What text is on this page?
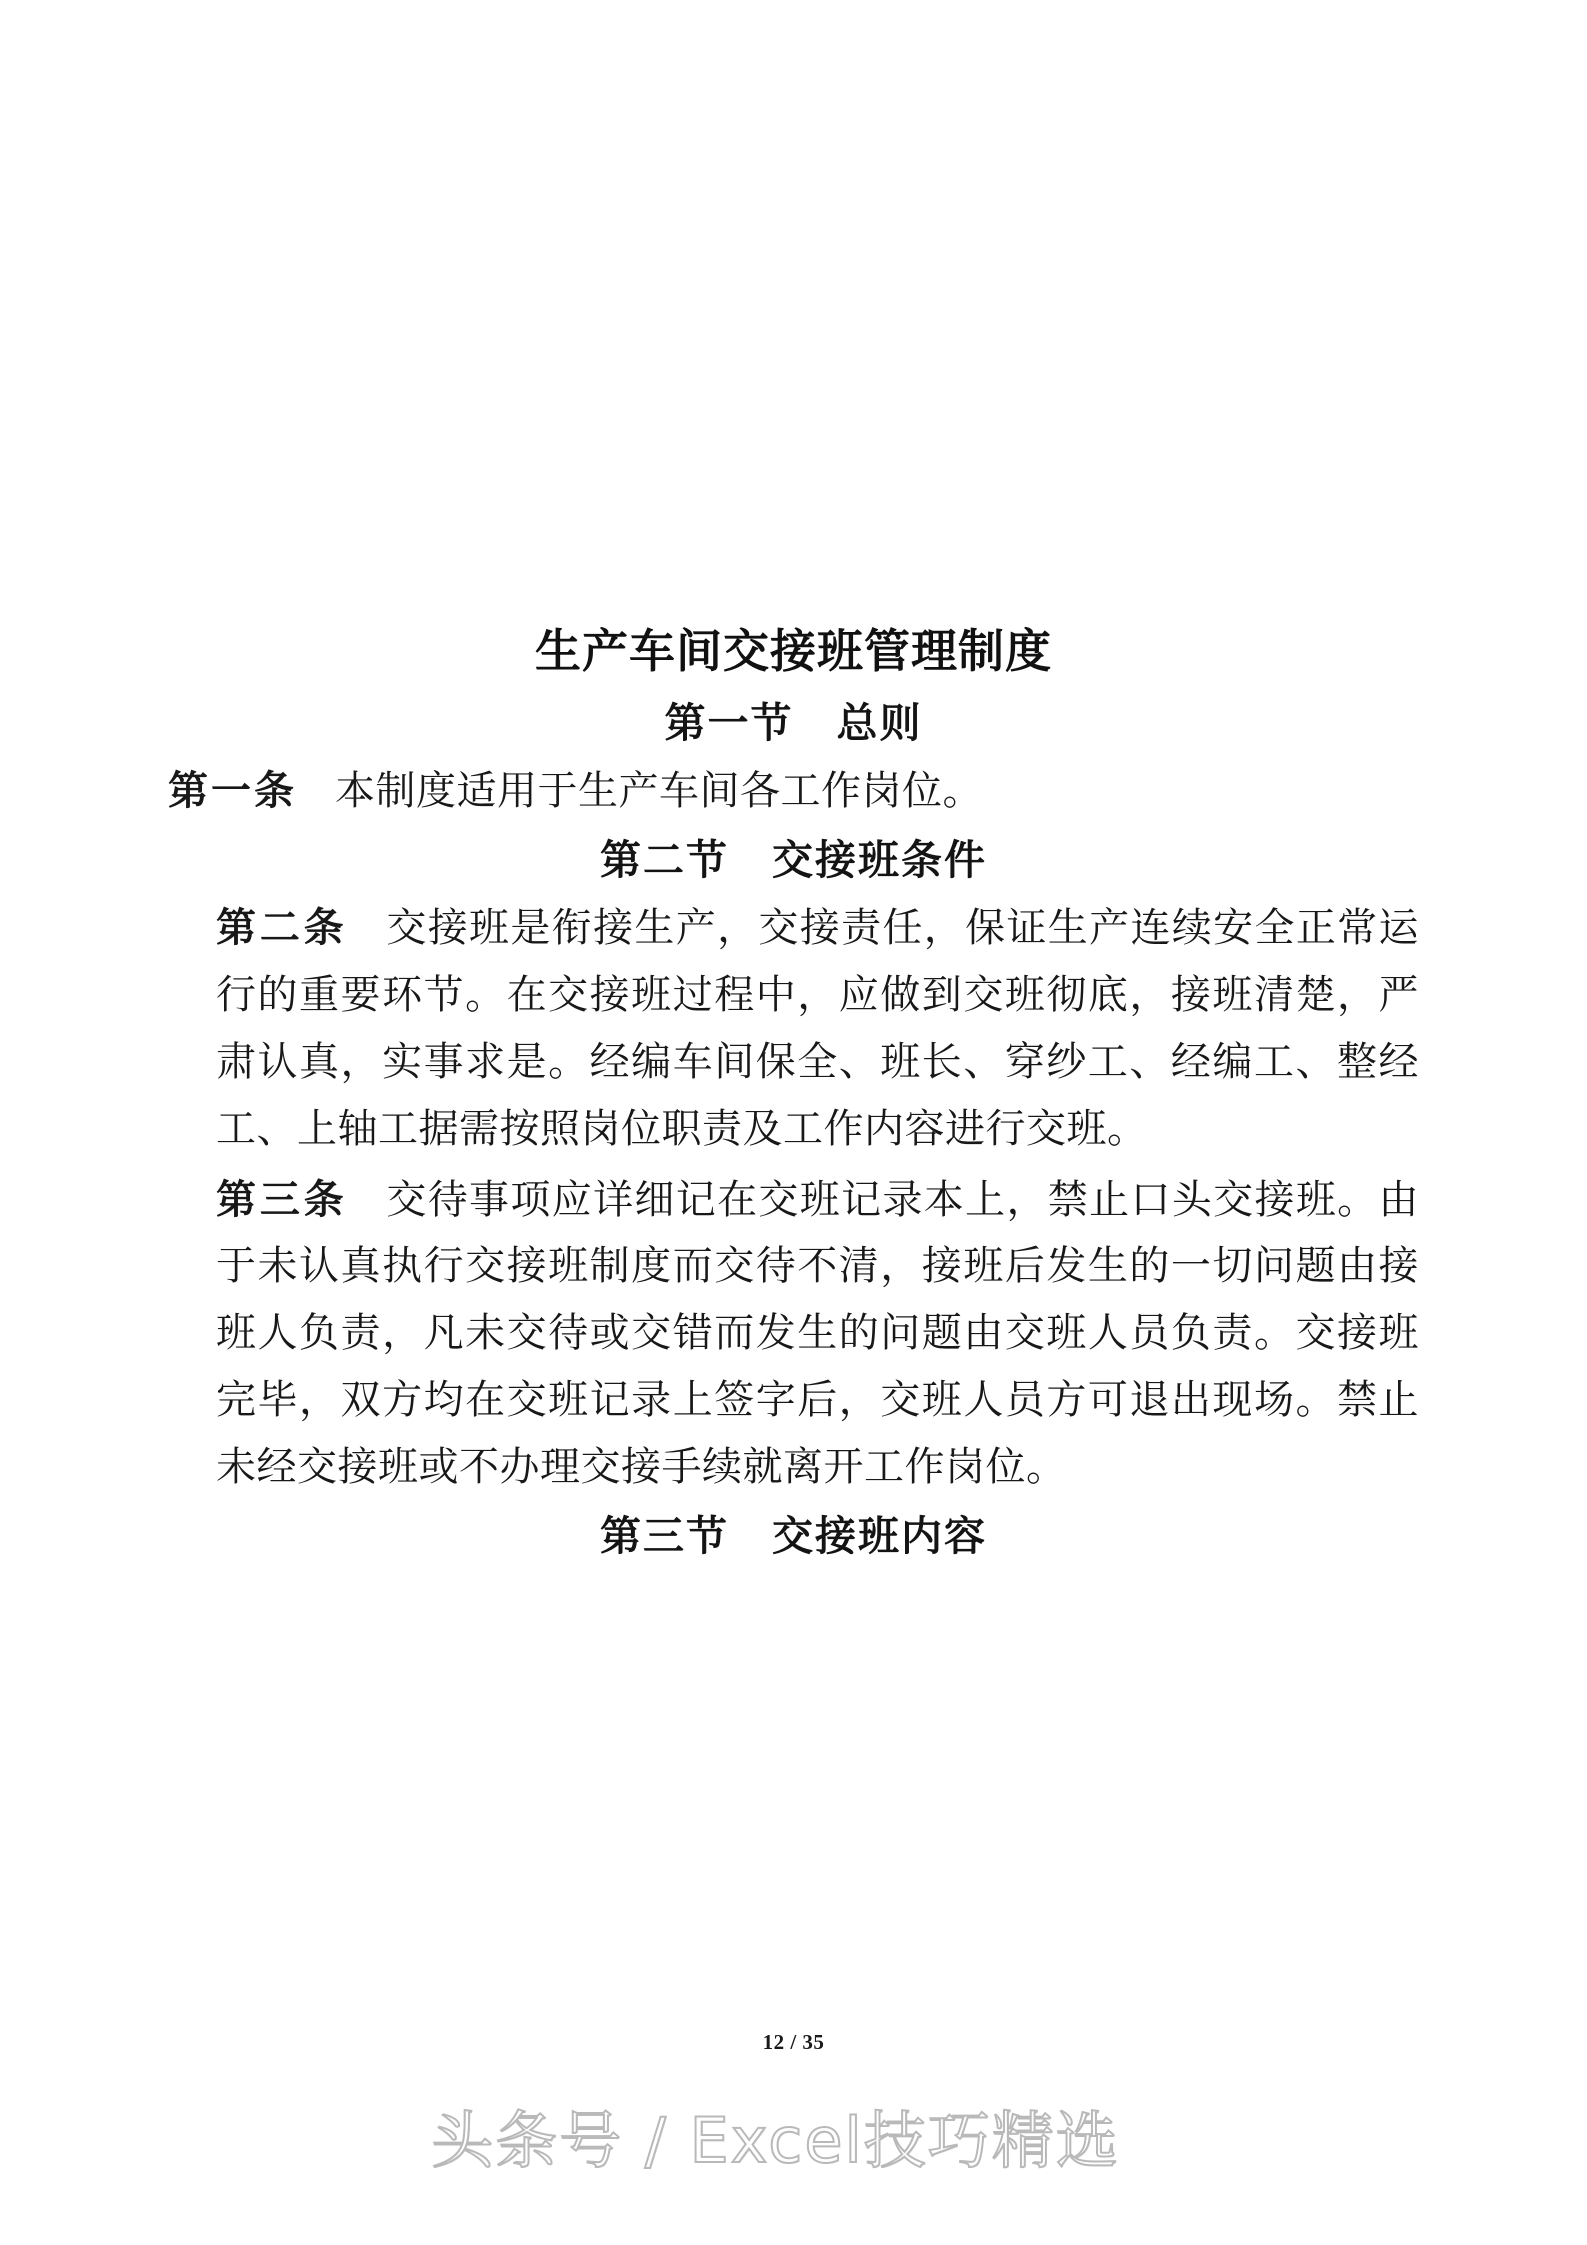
生产车间交接班管理制度
第一节　总则

第一条 本制度适用于生产车间各工作岗位。

第二节　交接班条件

第二条 交接班是衔接生产，交接责任，保证生产连续安全正常运行的重要环节。在交接班过程中，应做到交班彻底，接班清楚，严肃认真，实事求是。经编车间保全、班长、穿纱工、经编工、整经工、上轴工据需按照岗位职责及工作内容进行交班。

第三条 交待事项应详细记在交班记录本上，禁止口头交接班。由于未认真执行交接班制度而交待不清，接班后发生的一切问题由接班人负责，凡未交待或交错而发生的问题由交班人员负责。交接班完毕，双方均在交班记录上签字后，交班人员方可退出现场。禁止未经交接班或不办理交接手续就离开工作岗位。

第三节　交接班内容
12 / 35
头条号 / Excel技巧精选
